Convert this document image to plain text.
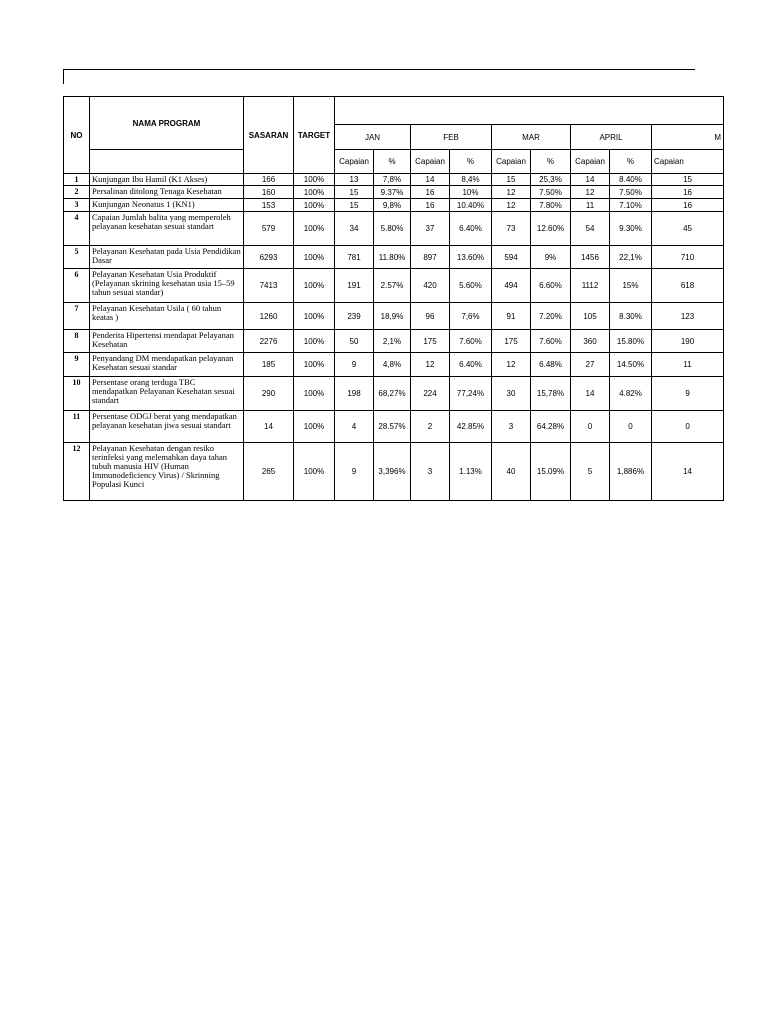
NO	NAMA PROGRAM	SASARAN	TARGET									
				JAN		FEB		MAR		APRIL		M
				Capaian	%	Capaian	%	Capaian	%	Capaian	%	Capaian
1	Kunjungan Ibu Hamil (K1 Akses)	166	100%	13	7,8%	14	8,4%	15	25,3%	14	8.40%	15
2	Persalinan ditolong Tenaga Kesehatan	160	100%	15	9.37%	16	10%	12	7.50%	12	7.50%	16
3	Kunjungan Neonatus 1 (KN1)	153	100%	15	9,8%	16	10.40%	12	7.80%	11	7.10%	16
4	Capaian Jumlah balita yang memperoleh pelayanan kesehatan sesuai standart	579	100%	34	5.80%	37	6.40%	73	12.60%	54	9.30%	45
5	Pelayanan Kesehatan pada Usia Pendidikan Dasar	6293	100%	781	11.80%	897	13.60%	594	9%	1456	22,1%	710
6	Pelayanan Kesehatan Usia Produktif (Pelayanan skrining kesehatan usia 15–59 tahun sesuai standar)	7413	100%	191	2.57%	420	5.60%	494	6.60%	1112	15%	618
7	Pelayanan Kesehatan Usila ( 60 tahun keatas )	1260	100%	239	18,9%	96	7,6%	91	7.20%	105	8.30%	123
8	Penderita Hipertensi mendapat Pelayanan Kesehatan	2276	100%	50	2,1%	175	7.60%	175	7.60%	360	15.80%	190
9	Penyandang DM mendapatkan pelayanan Kesehatan sesuai standar	185	100%	9	4,8%	12	6.40%	12	6.48%	27	14.50%	11
10	Persentase orang terduga TBC mendapatkan Pelayanan Kesehatan sesuai standart	290	100%	198	68,27%	224	77,24%	30	15,78%	14	4.82%	9
11	Persentase ODGJ berat yang mendapatkan pelayanan kesehatan jiwa sesuai standart	14	100%	4	28.57%	2	42.85%	3	64.28%	0	0	0
12	Pelayanan Kesehatan dengan resiko terinfeksi yang melemahkan daya tahan tubuh manusia HIV (Human Immunodeficiency Virus) / Skrinning Populasi Kunci	265	100%	9	3,396%	3	1.13%	40	15.09%	5	1,886%	14
